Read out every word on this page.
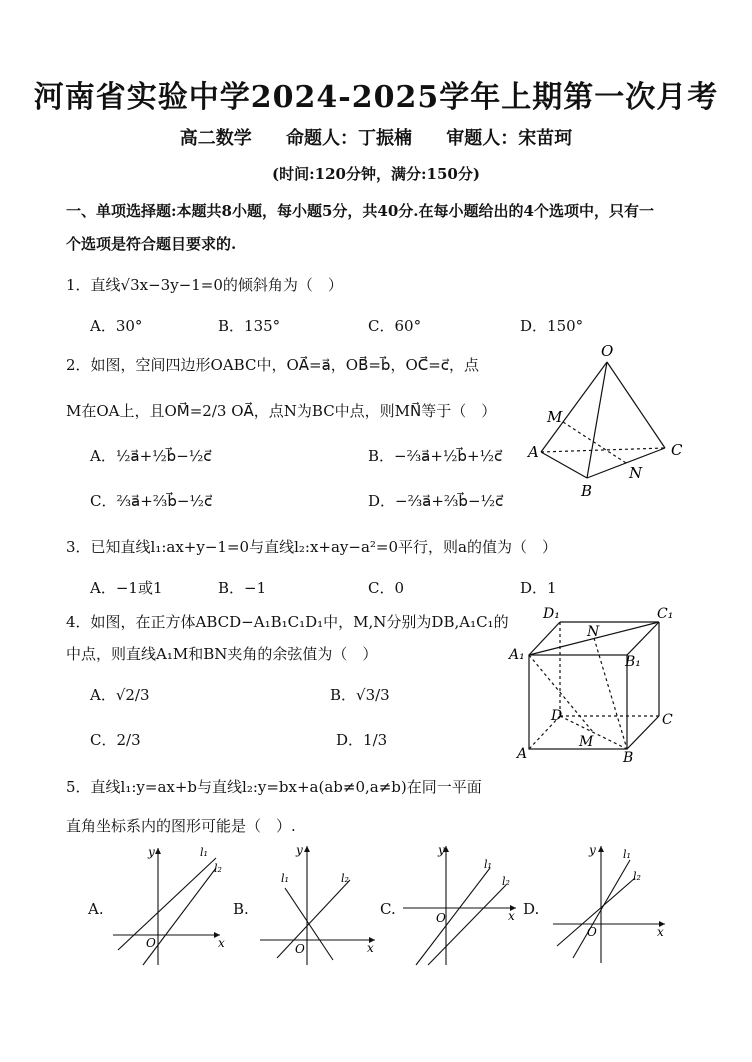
河南省实验中学2024-2025学年上期第一次月考
高二数学 命题人：丁振楠 审题人：宋苗珂
(时间:120分钟，满分:150分)
一、单项选择题:本题共8小题，每小题5分，共40分.在每小题给出的4个选项中，只有一
个选项是符合题目要求的.
1．直线√3x−3y−1=0的倾斜角为（　）
A．30°	B．135°	C．60°	D．150°
2．如图，空间四边形OABC中，OA⃗=a⃗，OB⃗=b⃗，OC⃗=c⃗，点
M在OA上，且OM⃗=2/3 OA⃗，点N为BC中点，则MN⃗等于（　）
A．½a⃗+½b⃗−½c⃗	B．−⅔a⃗+½b⃗+½c⃗
C．⅔a⃗+⅔b⃗−½c⃗	D．−⅔a⃗+⅔b⃗−½c⃗
O
M
A
B
C
N
3．已知直线l₁:ax+y−1=0与直线l₂:x+ay−a²=0平行，则a的值为（　）
A．−1或1	B．−1	C．0	D．1
4．如图，在正方体ABCD−A₁B₁C₁D₁中，M,N分别为DB,A₁C₁的
中点，则直线A₁M和BN夹角的余弦值为（　）
A．√2/3	B．√3/3
C．2/3	D．1/3
D₁	C₁
N
A₁	B₁
D	C
M
A	B
5．直线l₁:y=ax+b与直线l₂:y=bx+a(ab≠0,a≠b)在同一平面
直角坐标系内的图形可能是（　）.
A.	B.	C.	D.
x
y
O
l₁
l₂
x
y
O
l₁	l₂
x
y
O
l₁
l₂
x
y
O
l₁
l₂
